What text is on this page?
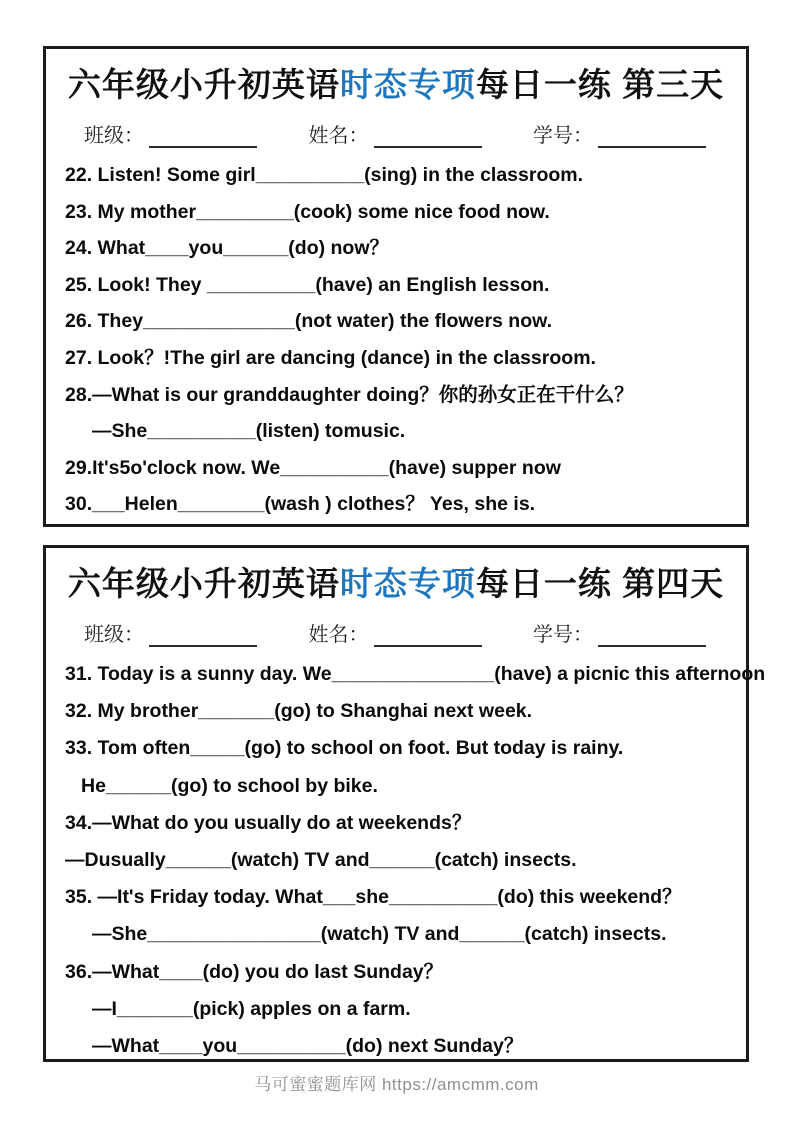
六年级小升初英语时态专项每日一练 第三天
班级：	姓名：	学号：
22. Listen! Some girl__________(sing) in the classroom.
23. My mother_________(cook) some nice food now.
24. What____you______(do) now？
25. Look! They __________(have) an English lesson.
26. They______________(not water) the flowers now.
27. Look？!The girl are dancing (dance) in the classroom.
28.—What is our granddaughter doing？你的孙女正在干什么？
—She__________(listen) tomusic.
29.It's5o'clock now. We__________(have) supper now
30.___Helen________(wash ) clothes？ Yes, she is.
六年级小升初英语时态专项每日一练 第四天
班级：	姓名：	学号：
31. Today is a sunny day. We_______________(have) a picnic this afternoon
32. My brother_______(go) to Shanghai next week.
33. Tom often_____(go) to school on foot. But today is rainy.
He______(go) to school by bike.
34.—What do you usually do at weekends？
—Dusually______(watch) TV and______(catch) insects.
35. —It's Friday today. What___she__________(do) this weekend？
—She________________(watch) TV and______(catch) insects.
36.—What____(do) you do last Sunday？
—I_______(pick) apples on a farm.
—What____you__________(do) next Sunday？
马可蜜蜜题库网 https://amcmm.com
